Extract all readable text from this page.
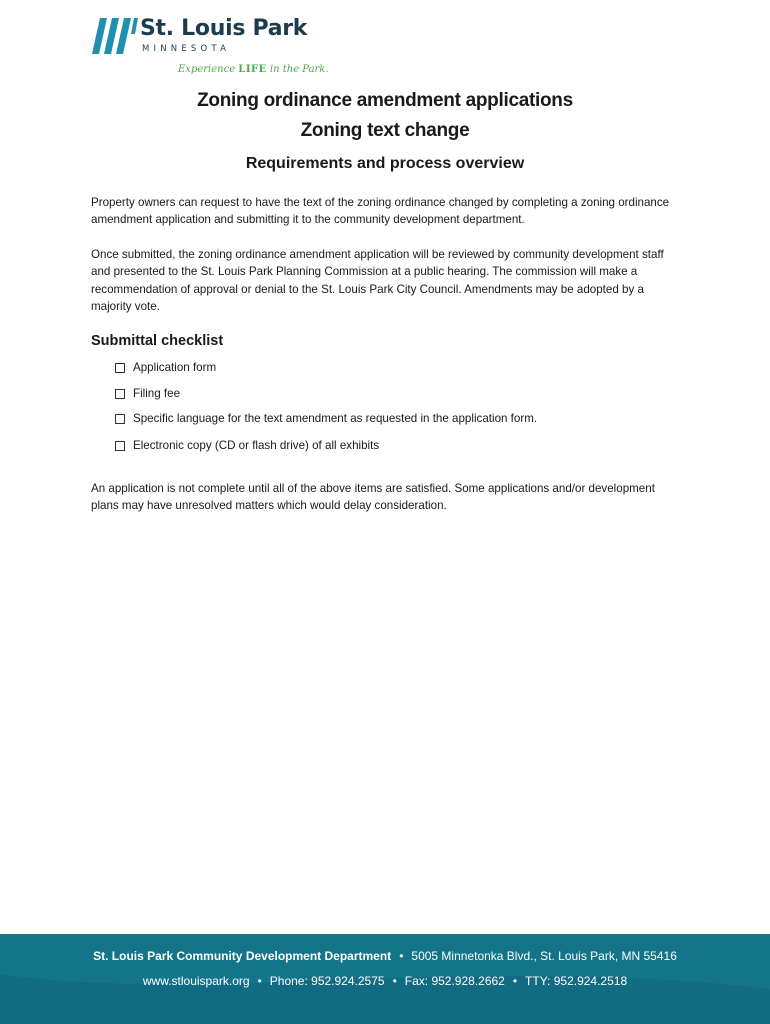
St. Louis Park
MINNESOTA
Experience LIFE in the Park.
Zoning ordinance amendment applications
Zoning text change
Requirements and process overview

Property owners can request to have the text of the zoning ordinance changed by completing a zoning ordinance amendment application and submitting it to the community development department.

Once submitted, the zoning ordinance amendment application will be reviewed by community development staff and presented to the St. Louis Park Planning Commission at a public hearing. The commission will make a recommendation of approval or denial to the St. Louis Park City Council. Amendments may be adopted by a majority vote.

Submittal checklist
Application form
Filing fee
Specific language for the text amendment as requested in the application form.
Electronic copy (CD or flash drive) of all exhibits

An application is not complete until all of the above items are satisfied. Some applications and/or development plans may have unresolved matters which would delay consideration.

St. Louis Park Community Development Department • 5005 Minnetonka Blvd., St. Louis Park, MN 55416
www.stlouispark.org • Phone: 952.924.2575 • Fax: 952.928.2662 • TTY: 952.924.2518
